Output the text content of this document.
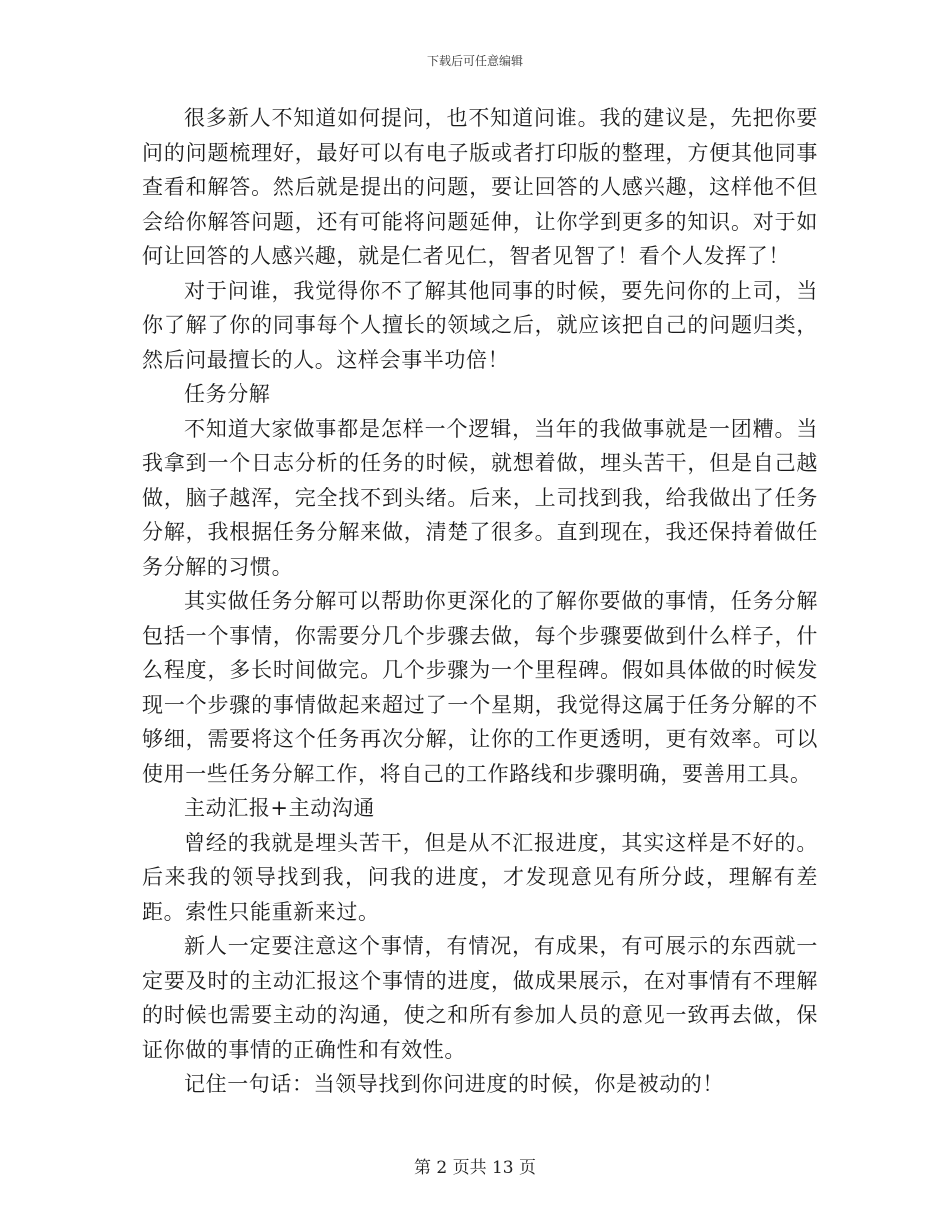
下载后可任意编辑

很多新人不知道如何提问，也不知道问谁。我的建议是，先把你要问的问题梳理好，最好可以有电子版或者打印版的整理，方便其他同事查看和解答。然后就是提出的问题，要让回答的人感兴趣，这样他不但会给你解答问题，还有可能将问题延伸，让你学到更多的知识。对于如何让回答的人感兴趣，就是仁者见仁，智者见智了！看个人发挥了！

对于问谁，我觉得你不了解其他同事的时候，要先问你的上司，当你了解了你的同事每个人擅长的领域之后，就应该把自己的问题归类，然后问最擅长的人。这样会事半功倍！

任务分解

不知道大家做事都是怎样一个逻辑，当年的我做事就是一团糟。当我拿到一个日志分析的任务的时候，就想着做，埋头苦干，但是自己越做，脑子越浑，完全找不到头绪。后来，上司找到我，给我做出了任务分解，我根据任务分解来做，清楚了很多。直到现在，我还保持着做任务分解的习惯。

其实做任务分解可以帮助你更深化的了解你要做的事情，任务分解包括一个事情，你需要分几个步骤去做，每个步骤要做到什么样子，什么程度，多长时间做完。几个步骤为一个里程碑。假如具体做的时候发现一个步骤的事情做起来超过了一个星期，我觉得这属于任务分解的不够细，需要将这个任务再次分解，让你的工作更透明，更有效率。可以使用一些任务分解工作，将自己的工作路线和步骤明确，要善用工具。

主动汇报+主动沟通

曾经的我就是埋头苦干，但是从不汇报进度，其实这样是不好的。后来我的领导找到我，问我的进度，才发现意见有所分歧，理解有差距。索性只能重新来过。

新人一定要注意这个事情，有情况，有成果，有可展示的东西就一定要及时的主动汇报这个事情的进度，做成果展示，在对事情有不理解的时候也需要主动的沟通，使之和所有参加人员的意见一致再去做，保证你做的事情的正确性和有效性。

记住一句话：当领导找到你问进度的时候，你是被动的！

第 2 页共 13 页
